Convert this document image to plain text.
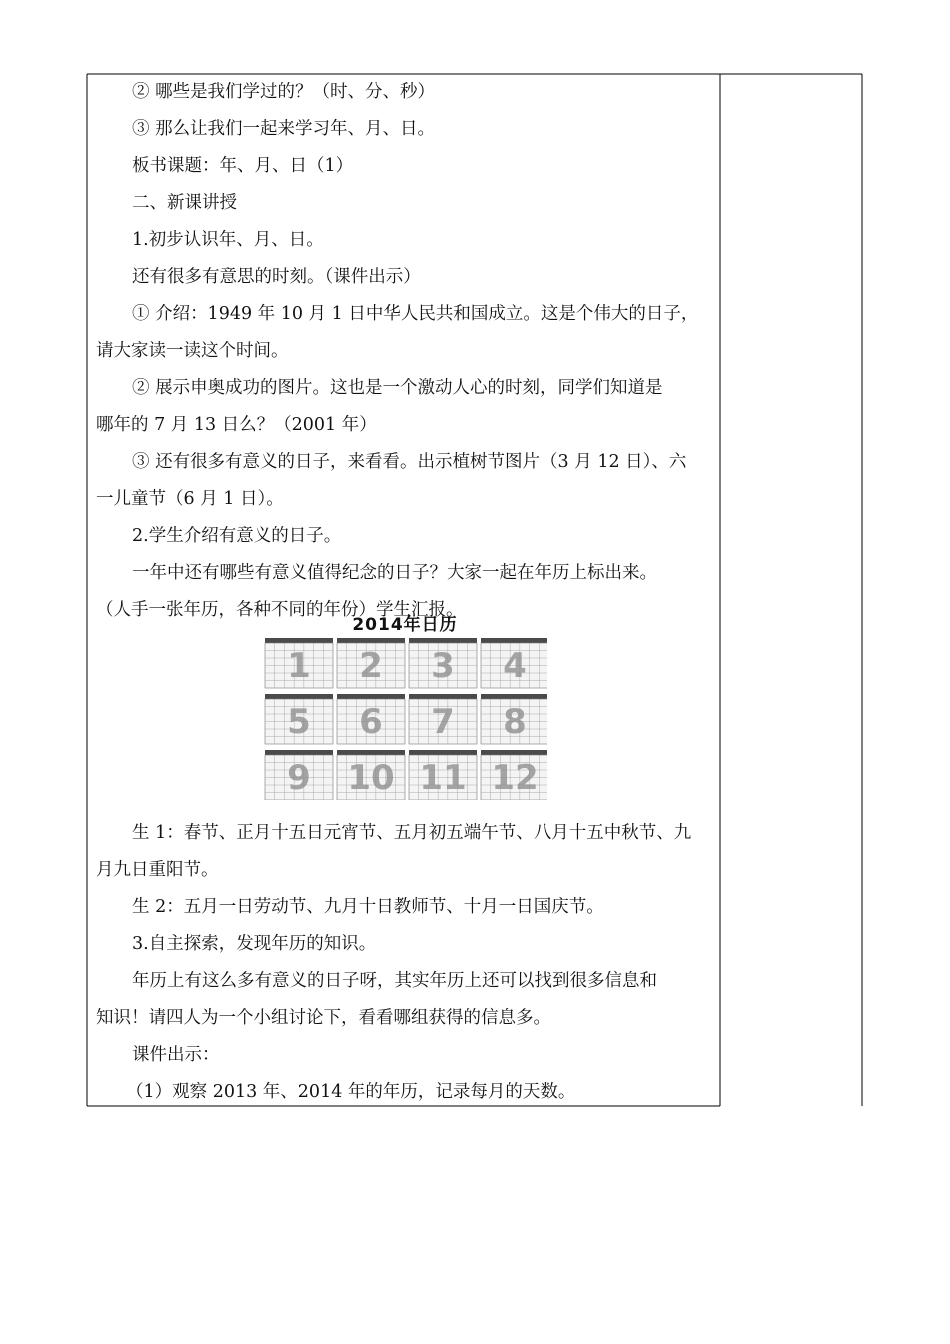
② 哪些是我们学过的？（时、分、秒）

③ 那么让我们一起来学习年、月、日。

板书课题：年、月、日（1）

二、新课讲授

1.初步认识年、月、日。

还有很多有意思的时刻。（课件出示）

① 介绍：1949 年 10 月 1 日中华人民共和国成立。这是个伟大的日子，

请大家读一读这个时间。

② 展示申奥成功的图片。这也是一个激动人心的时刻，同学们知道是

哪年的 7 月 13 日么？（2001 年）

③ 还有很多有意义的日子，来看看。出示植树节图片（3 月 12 日）、六

一儿童节（6 月 1 日）。

2.学生介绍有意义的日子。

一年中还有哪些有意义值得纪念的日子？大家一起在年历上标出来。

（人手一张年历，各种不同的年份）学生汇报。

2014年日历
1 2 3 4
5 6 7 8
9 10 11 12

生 1：春节、正月十五日元宵节、五月初五端午节、八月十五中秋节、九

月九日重阳节。

生 2：五月一日劳动节、九月十日教师节、十月一日国庆节。

3.自主探索，发现年历的知识。

年历上有这么多有意义的日子呀，其实年历上还可以找到很多信息和

知识！请四人为一个小组讨论下，看看哪组获得的信息多。

课件出示：

（1）观察 2013 年、2014 年的年历，记录每月的天数。
